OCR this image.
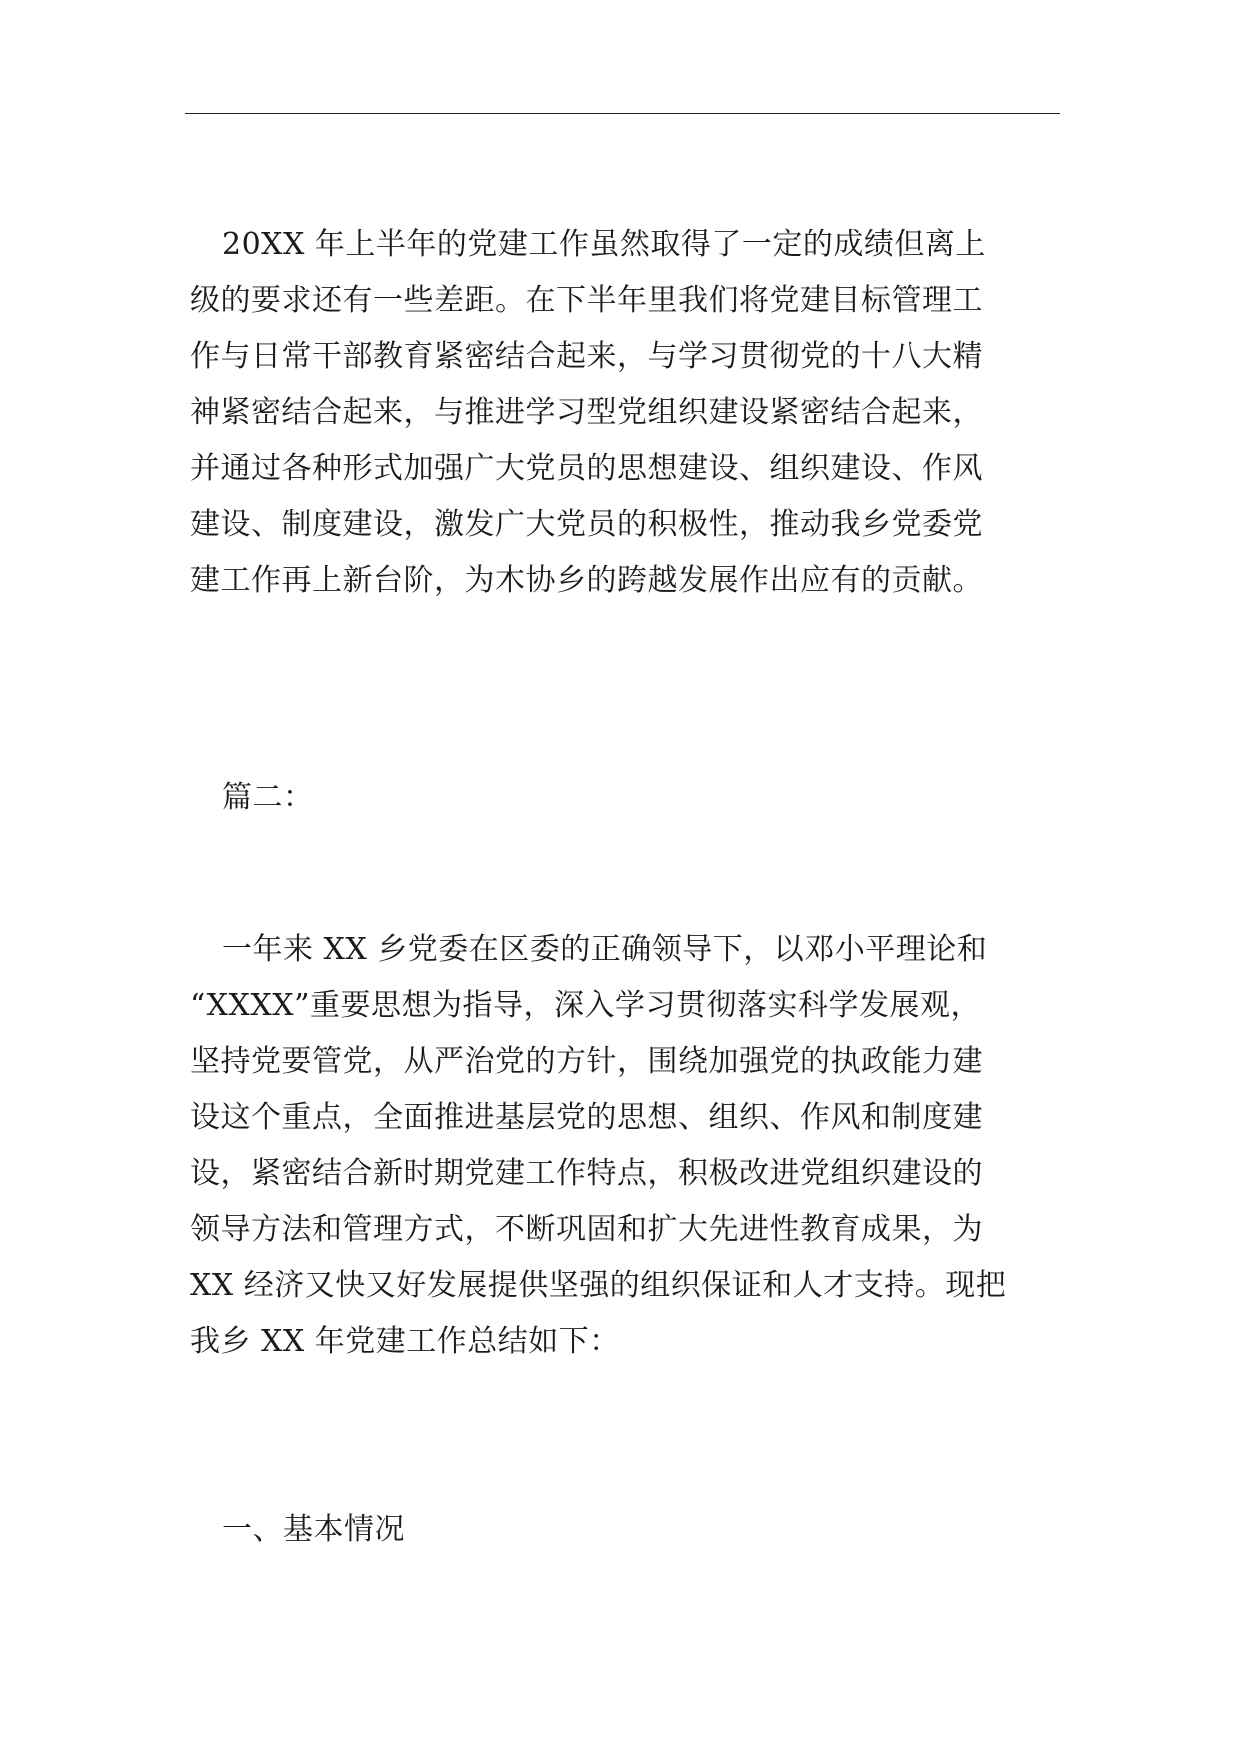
20XX 年上半年的党建工作虽然取得了一定的成绩但离上
级的要求还有一些差距。在下半年里我们将党建目标管理工
作与日常干部教育紧密结合起来，与学习贯彻党的十八大精
神紧密结合起来，与推进学习型党组织建设紧密结合起来，
并通过各种形式加强广大党员的思想建设、组织建设、作风
建设、制度建设，激发广大党员的积极性，推动我乡党委党
建工作再上新台阶，为木协乡的跨越发展作出应有的贡献。
篇二：
一年来 XX 乡党委在区委的正确领导下，以邓小平理论和
“XXXX”重要思想为指导，深入学习贯彻落实科学发展观，
坚持党要管党，从严治党的方针，围绕加强党的执政能力建
设这个重点，全面推进基层党的思想、组织、作风和制度建
设，紧密结合新时期党建工作特点，积极改进党组织建设的
领导方法和管理方式，不断巩固和扩大先进性教育成果，为
XX 经济又快又好发展提供坚强的组织保证和人才支持。现把
我乡 XX 年党建工作总结如下：
一、基本情况
